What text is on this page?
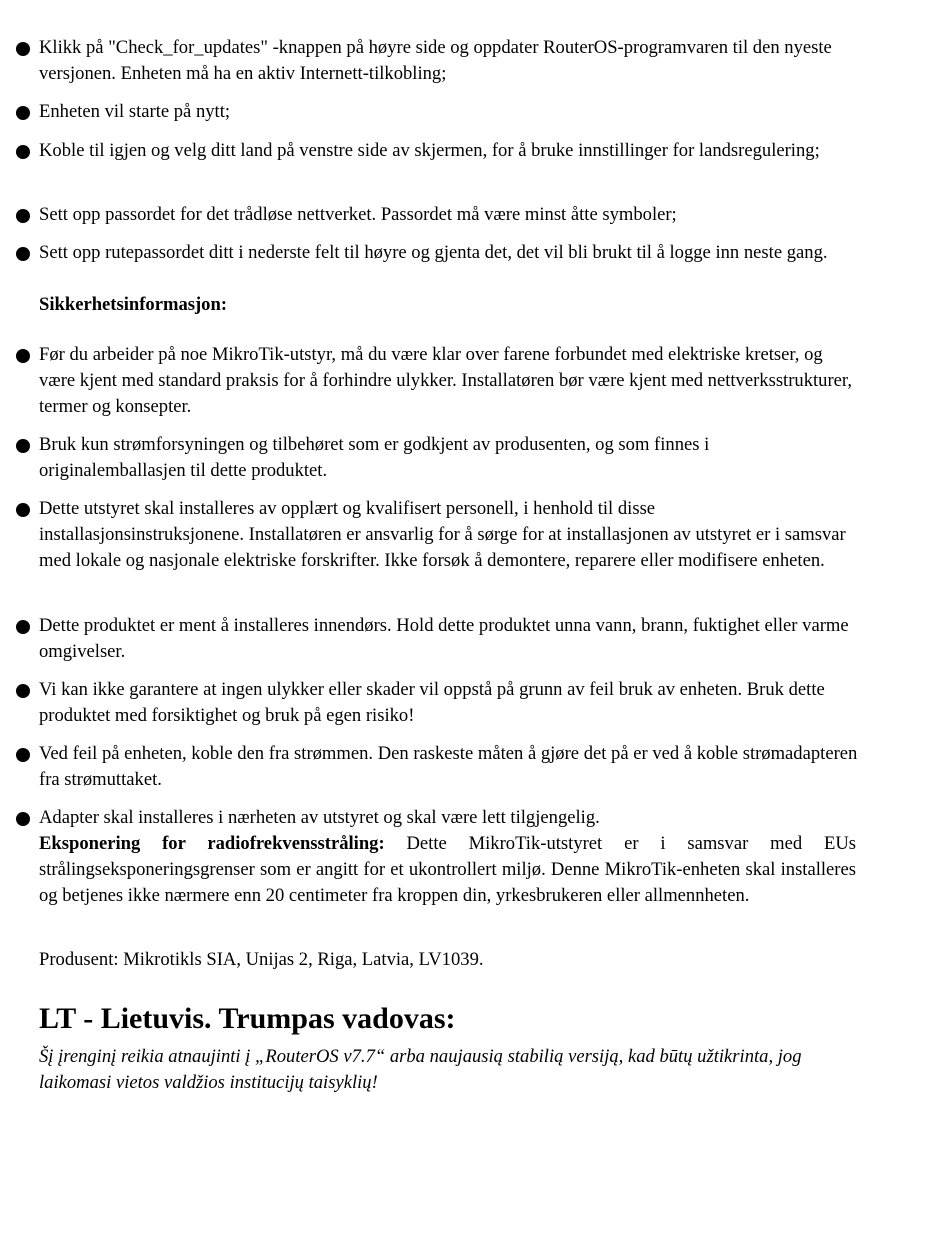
Klikk på "Check_for_updates" -knappen på høyre side og oppdater RouterOS-programvaren til den nyeste versjonen. Enheten må ha en aktiv Internett-tilkobling;
Enheten vil starte på nytt;
Koble til igjen og velg ditt land på venstre side av skjermen, for å bruke innstillinger for landsregulering;
Sett opp passordet for det trådløse nettverket. Passordet må være minst åtte symboler;
Sett opp rutepassordet ditt i nederste felt til høyre og gjenta det, det vil bli brukt til å logge inn neste gang.
Sikkerhetsinformasjon:
Før du arbeider på noe MikroTik-utstyr, må du være klar over farene forbundet med elektriske kretser, og være kjent med standard praksis for å forhindre ulykker. Installatøren bør være kjent med nettverksstrukturer, termer og konsepter.
Bruk kun strømforsyningen og tilbehøret som er godkjent av produsenten, og som finnes i originalemballasjen til dette produktet.
Dette utstyret skal installeres av opplært og kvalifisert personell, i henhold til disse installasjonsinstruksjonene. Installatøren er ansvarlig for å sørge for at installasjonen av utstyret er i samsvar med lokale og nasjonale elektriske forskrifter. Ikke forsøk å demontere, reparere eller modifisere enheten.
Dette produktet er ment å installeres innendørs. Hold dette produktet unna vann, brann, fuktighet eller varme omgivelser.
Vi kan ikke garantere at ingen ulykker eller skader vil oppstå på grunn av feil bruk av enheten. Bruk dette produktet med forsiktighet og bruk på egen risiko!
Ved feil på enheten, koble den fra strømmen. Den raskeste måten å gjøre det på er ved å koble strømadapteren fra strømuttaket.
Adapter skal installeres i nærheten av utstyret og skal være lett tilgjengelig.
Eksponering for radiofrekvensstråling: Dette MikroTik-utstyret er i samsvar med EUs strålingseksponeringsgrenser som er angitt for et ukontrollert miljø. Denne MikroTik-enheten skal installeres og betjenes ikke nærmere enn 20 centimeter fra kroppen din, yrkesbrukeren eller allmennheten.
Produsent: Mikrotikls SIA, Unijas 2, Riga, Latvia, LV1039.
LT - Lietuvis. Trumpas vadovas:
Šį įrenginį reikia atnaujinti į „RouterOS v7.7“ arba naujausią stabilią versiją, kad būtų užtikrinta, jog laikomasi vietos valdžios institucijų taisyklių!
